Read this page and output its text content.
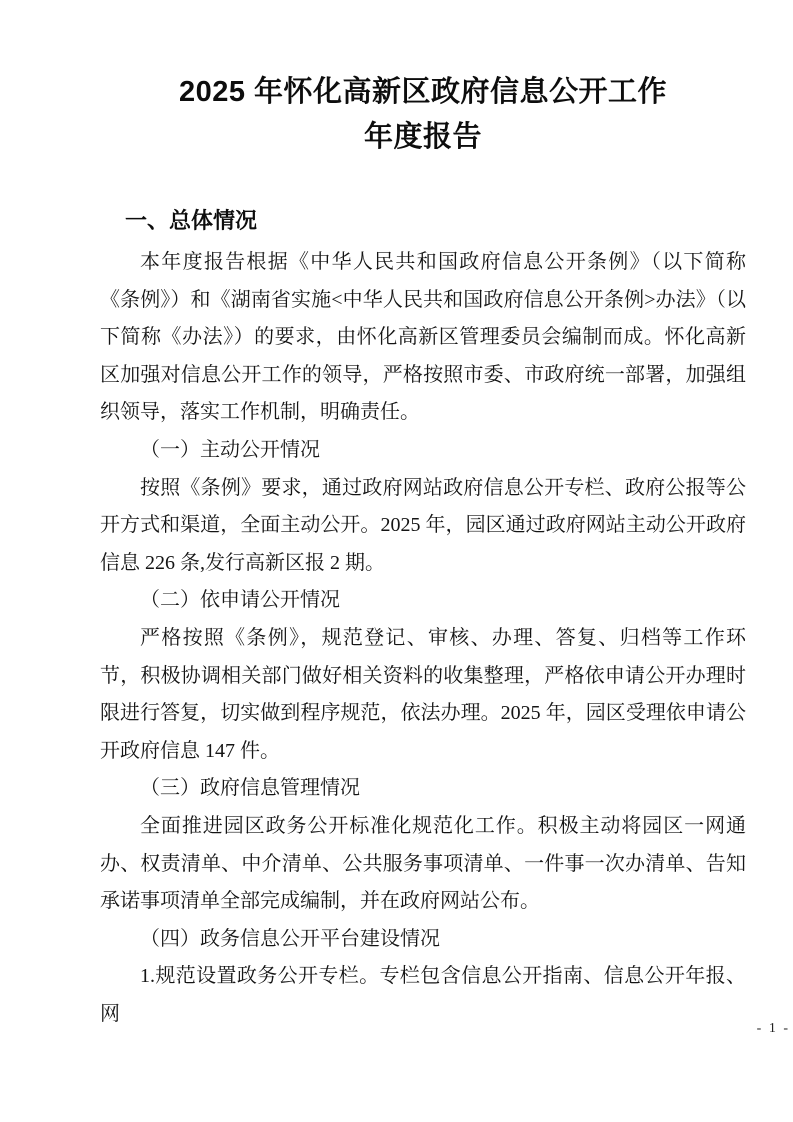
2025 年怀化高新区政府信息公开工作
年度报告
一、总体情况

本年度报告根据《中华人民共和国政府信息公开条例》（以下简称《条例》）和《湖南省实施<中华人民共和国政府信息公开条例>办法》（以下简称《办法》）的要求，由怀化高新区管理委员会编制而成。怀化高新区加强对信息公开工作的领导，严格按照市委、市政府统一部署，加强组织领导，落实工作机制，明确责任。

（一）主动公开情况

按照《条例》要求，通过政府网站政府信息公开专栏、政府公报等公开方式和渠道，全面主动公开。2025 年，园区通过政府网站主动公开政府信息 226 条,发行高新区报 2 期。

（二）依申请公开情况

严格按照《条例》，规范登记、审核、办理、答复、归档等工作环节，积极协调相关部门做好相关资料的收集整理，严格依申请公开办理时限进行答复，切实做到程序规范，依法办理。2025 年，园区受理依申请公开政府信息 147 件。

（三）政府信息管理情况

全面推进园区政务公开标准化规范化工作。积极主动将园区一网通办、权责清单、中介清单、公共服务事项清单、一件事一次办清单、告知承诺事项清单全部完成编制，并在政府网站公布。

（四）政务信息公开平台建设情况

1.规范设置政务公开专栏。专栏包含信息公开指南、信息公开年报、网

- 1 -
